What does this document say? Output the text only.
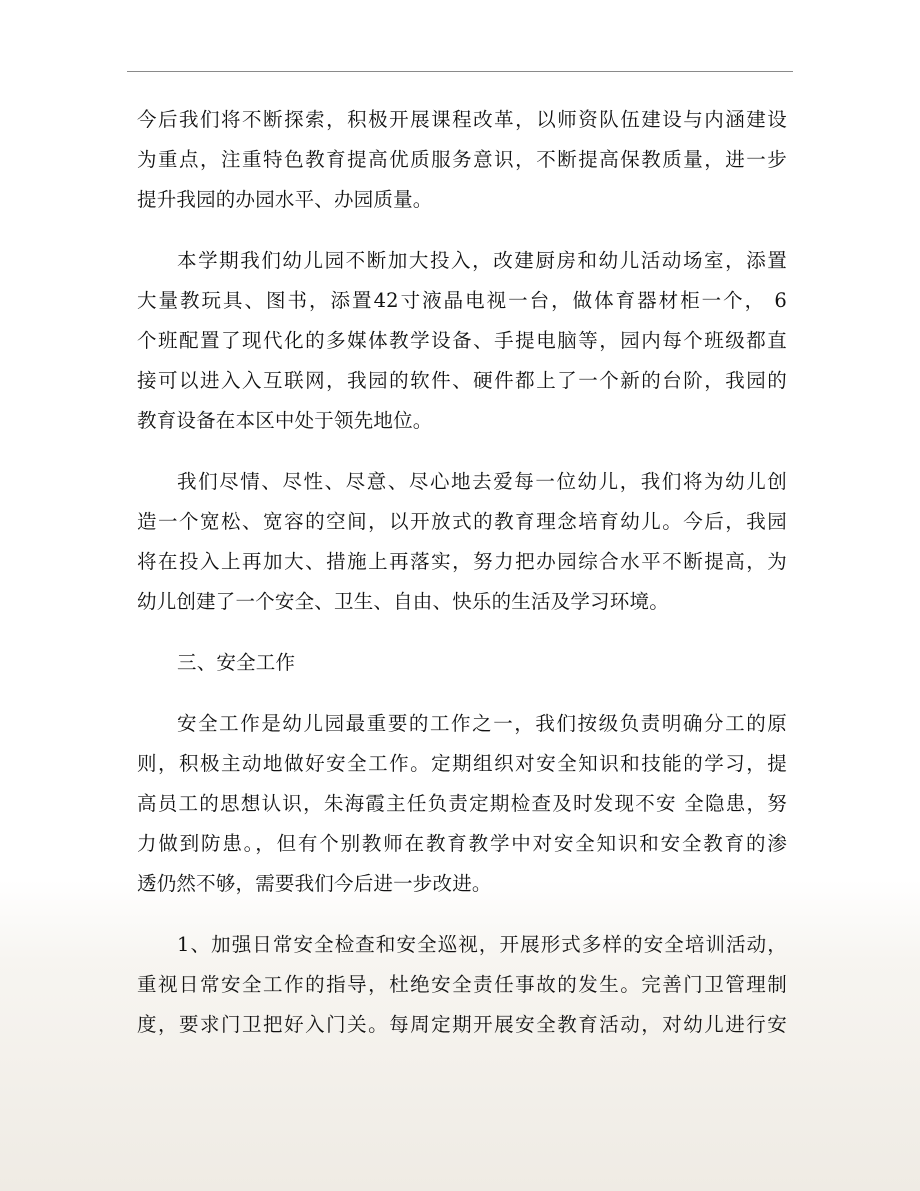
今后我们将不断探索，积极开展课程改革，以师资队伍建设与内涵建设
为重点，注重特色教育提高优质服务意识，不断提高保教质量，进一步
提升我园的办园水平、办园质量。

本学期我们幼儿园不断加大投入，改建厨房和幼儿活动场室，添置
大量教玩具、图书，添置42寸液晶电视一台，做体育器材柜一个， 6
个班配置了现代化的多媒体教学设备、手提电脑等，园内每个班级都直
接可以进入入互联网，我园的软件、硬件都上了一个新的台阶，我园的
教育设备在本区中处于领先地位。

我们尽情、尽性、尽意、尽心地去爱每一位幼儿，我们将为幼儿创
造一个宽松、宽容的空间，以开放式的教育理念培育幼儿。今后，我园
将在投入上再加大、措施上再落实，努力把办园综合水平不断提高，为
幼儿创建了一个安全、卫生、自由、快乐的生活及学习环境。

三、安全工作

安全工作是幼儿园最重要的工作之一，我们按级负责明确分工的原
则，积极主动地做好安全工作。定期组织对安全知识和技能的学习，提
高员工的思想认识，朱海霞主任负责定期检查及时发现不安 全隐患，努
力做到防患。，但有个别教师在教育教学中对安全知识和安全教育的渗
透仍然不够，需要我们今后进一步改进。

1、加强日常安全检查和安全巡视，开展形式多样的安全培训活动，
重视日常安全工作的指导，杜绝安全责任事故的发生。完善门卫管理制
度，要求门卫把好入门关。每周定期开展安全教育活动，对幼儿进行安
